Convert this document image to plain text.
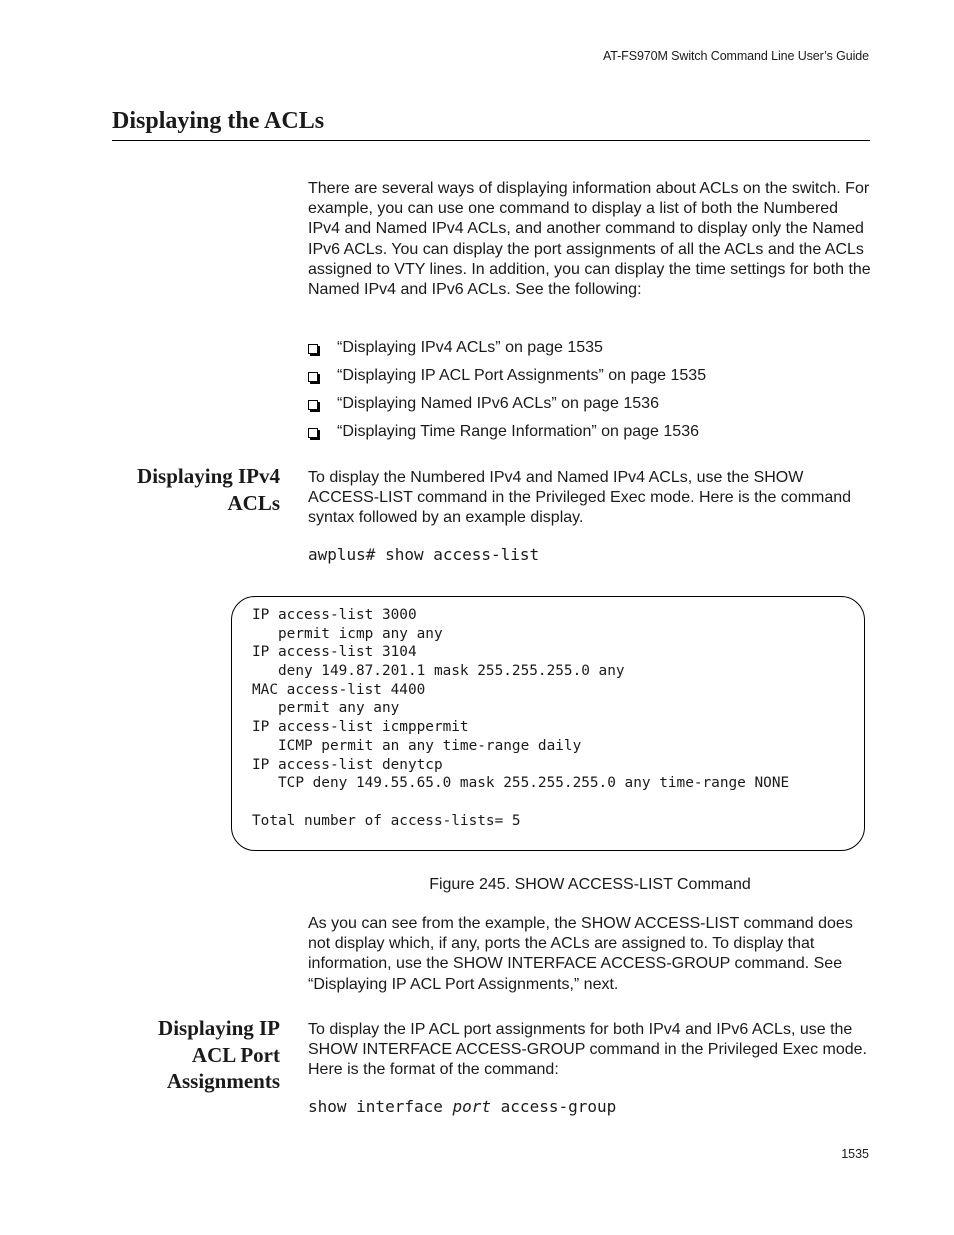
AT-FS970M Switch Command Line User’s Guide
Displaying the ACLs

There are several ways of displaying information about ACLs on the switch. For example, you can use one command to display a list of both the Numbered IPv4 and Named IPv4 ACLs, and another command to display only the Named IPv6 ACLs. You can display the port assignments of all the ACLs and the ACLs assigned to VTY lines. In addition, you can display the time settings for both the Named IPv4 and IPv6 ACLs. See the following:

“Displaying IPv4 ACLs” on page 1535
“Displaying IP ACL Port Assignments” on page 1535
“Displaying Named IPv6 ACLs” on page 1536
“Displaying Time Range Information” on page 1536
Displaying IPv4
ACLs

To display the Numbered IPv4 and Named IPv4 ACLs, use the SHOW ACCESS-LIST command in the Privileged Exec mode. Here is the command syntax followed by an example display.

awplus# show access-list
IP access-list 3000
permit icmp any any
IP access-list 3104
deny 149.87.201.1 mask 255.255.255.0 any
MAC access-list 4400
permit any any
IP access-list icmppermit
ICMP permit an any time-range daily
IP access-list denytcp
TCP deny 149.55.65.0 mask 255.255.255.0 any time-range NONE
Total number of access-lists= 5
Figure 245. SHOW ACCESS-LIST Command

As you can see from the example, the SHOW ACCESS-LIST command does not display which, if any, ports the ACLs are assigned to. To display that information, use the SHOW INTERFACE ACCESS-GROUP command. See “Displaying IP ACL Port Assignments,” next.

Displaying IP
ACL Port
Assignments

To display the IP ACL port assignments for both IPv4 and IPv6 ACLs, use the SHOW INTERFACE ACCESS-GROUP command in the Privileged Exec mode. Here is the format of the command:

show interface port access-group
1535
